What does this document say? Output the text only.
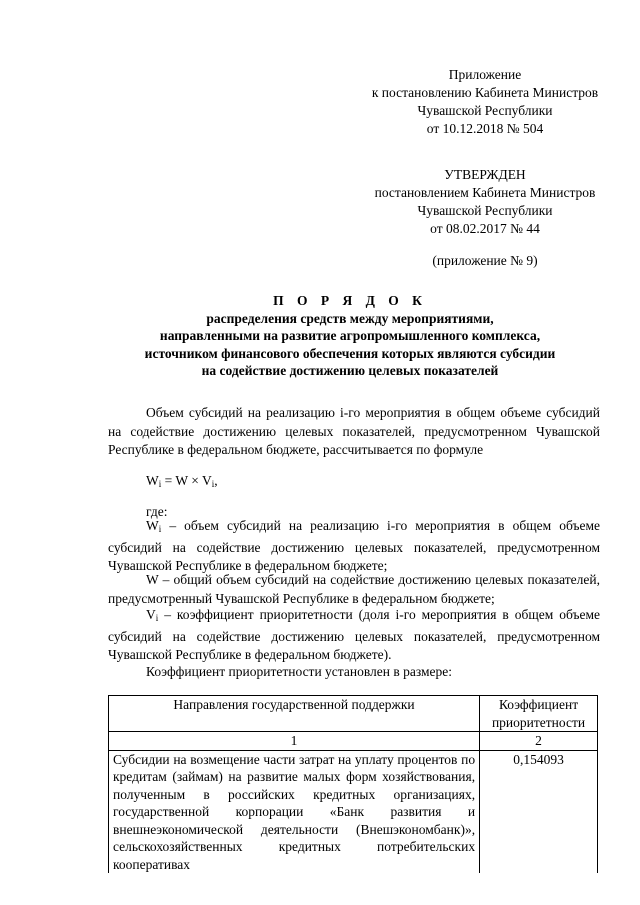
Приложение
к постановлению Кабинета Министров
Чувашской Республики
от 10.12.2018 № 504
УТВЕРЖДЕН
постановлением Кабинета Министров
Чувашской Республики
от 08.02.2017 № 44
(приложение № 9)
П О Р Я Д О К
распределения средств между мероприятиями,
направленными на развитие агропромышленного комплекса,
источником финансового обеспечения которых являются субсидии
на содействие достижению целевых показателей
Объем субсидий на реализацию i-го мероприятия в общем объеме субсидий на содействие достижению целевых показателей, предусмотренном Чувашской Республике в федеральном бюджете, рассчитывается по формуле
$W_i = W \times V_i$,
где:
$W_i$ – объем субсидий на реализацию i-го мероприятия в общем объеме субсидий на содействие достижению целевых показателей, предусмотренном Чувашской Республике в федеральном бюджете;
W – общий объем субсидий на содействие достижению целевых показателей, предусмотренный Чувашской Республике в федеральном бюджете;
$V_i$ – коэффициент приоритетности (доля i-го мероприятия в общем объеме субсидий на содействие достижению целевых показателей, предусмотренном Чувашской Республике в федеральном бюджете).
Коэффициент приоритетности установлен в размере:
Направления государственной поддержки	Коэффициент приоритетности
1	2
Субсидии на возмещение части затрат на уплату процентов по кредитам (займам) на развитие малых форм хозяйствования, полученным в российских кредитных организациях, государственной корпорации «Банк развития и внешнеэкономической деятельности (Внешэкономбанк)», сельскохозяйственных кредитных потребительских кооперативах	0,154093
